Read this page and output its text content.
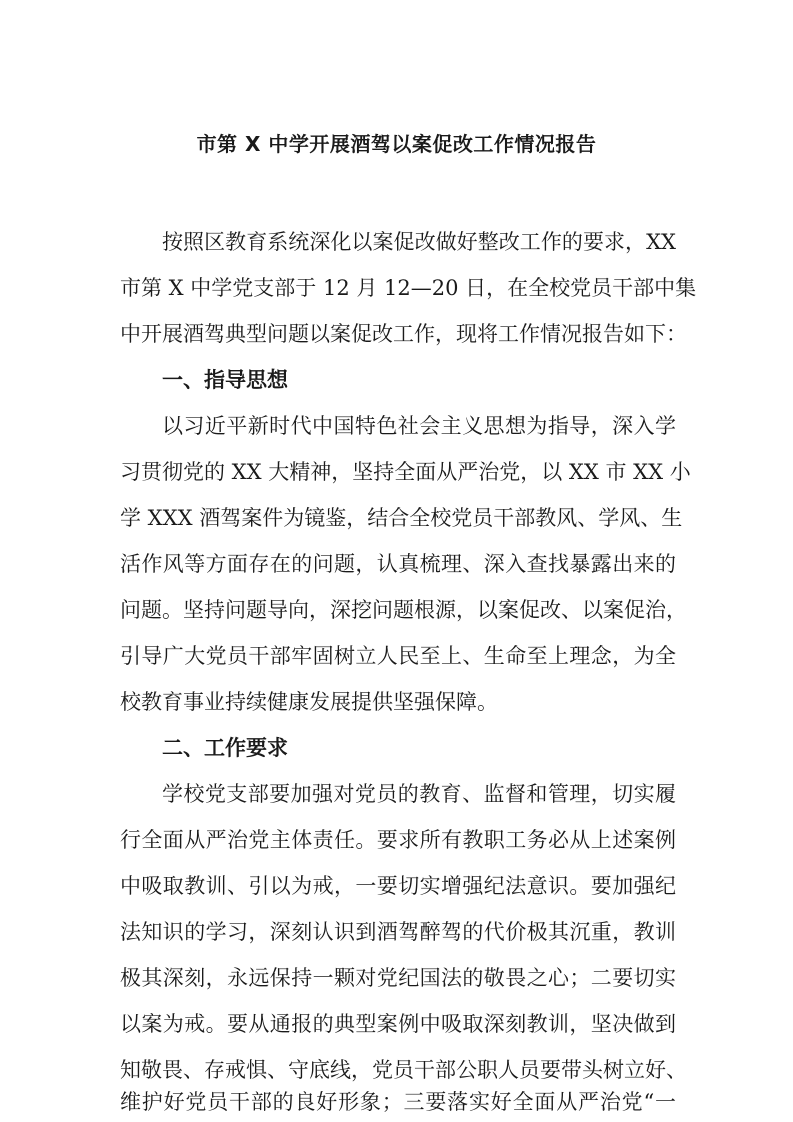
市第 X 中学开展酒驾以案促改工作情况报告
按照区教育系统深化以案促改做好整改工作的要求，XX
市第 X 中学党支部于 12 月 12—20 日，在全校党员干部中集
中开展酒驾典型问题以案促改工作，现将工作情况报告如下：
一、指导思想
以习近平新时代中国特色社会主义思想为指导，深入学
习贯彻党的 XX 大精神，坚持全面从严治党，以 XX 市 XX 小
学 XXX 酒驾案件为镜鉴，结合全校党员干部教风、学风、生
活作风等方面存在的问题，认真梳理、深入查找暴露出来的
问题。坚持问题导向，深挖问题根源，以案促改、以案促治，
引导广大党员干部牢固树立人民至上、生命至上理念，为全
校教育事业持续健康发展提供坚强保障。
二、工作要求
学校党支部要加强对党员的教育、监督和管理，切实履
行全面从严治党主体责任。要求所有教职工务必从上述案例
中吸取教训、引以为戒，一要切实增强纪法意识。要加强纪
法知识的学习，深刻认识到酒驾醉驾的代价极其沉重，教训
极其深刻，永远保持一颗对党纪国法的敬畏之心；二要切实
以案为戒。要从通报的典型案例中吸取深刻教训，坚决做到
知敬畏、存戒惧、守底线，党员干部公职人员要带头树立好、
维护好党员干部的良好形象；三要落实好全面从严治党“一
